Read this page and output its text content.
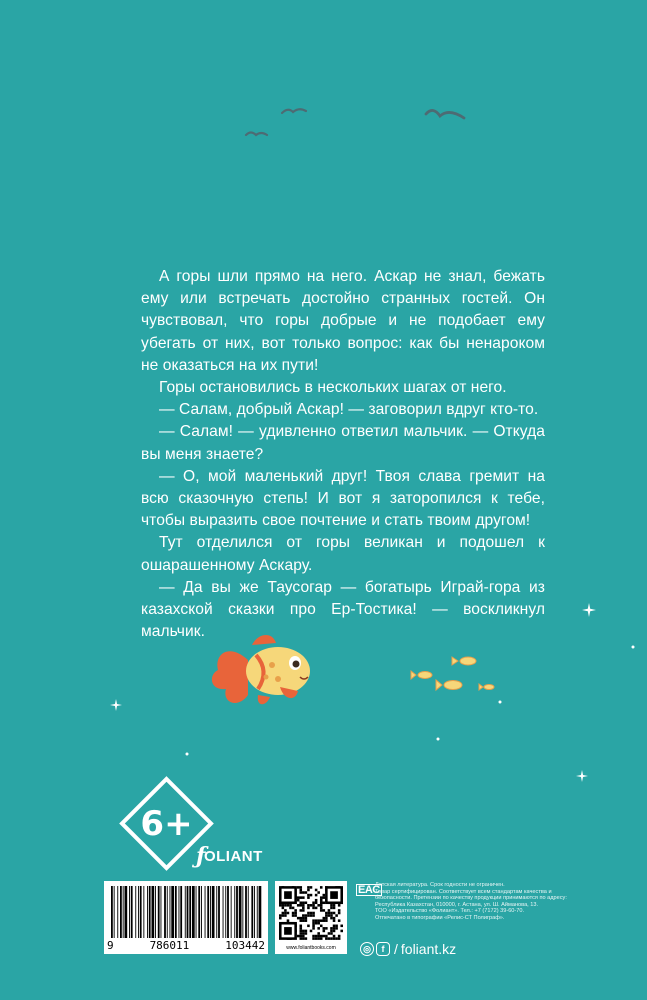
А горы шли прямо на него. Аскар не знал, бежать ему или встречать достойно странных гостей. Он чувствовал, что горы добрые и не подобает ему убегать от них, вот только вопрос: как бы ненароком не оказаться на их пути!

Горы остановились в нескольких шагах от него.

— Салам, добрый Аскар! — заговорил вдруг кто-то.

— Салам! — удивленно ответил мальчик. — Откуда вы меня знаете?

— О, мой маленький друг! Твоя слава гремит на всю сказочную степь! И вот я заторопился к тебе, чтобы выразить свое почтение и стать твоим другом!

Тут отделился от горы великан и подошел к ошарашенному Аскару.

— Да вы же Таусогар — богатырь Играй-гора из казахской сказки про Ер-Тостика! — воскликнул мальчик.

6+
ƒ
OLIANT
9	786011	103442	www.foliantbooks.com
EAC

Детская литература. Срок годности не ограничен.

Товар сертифицирован. Соответствует всем стандартам качества и безопасности. Претензии по качеству продукции принимаются по адресу: Республика Казахстан, 010000, г. Астана, ул. Ш. Айманова, 13.

ТОО «Издательство «Фолиант». Тел.: +7 (7172) 39-60-70.

Отпечатано в типографии «Релис-СТ Полиграф».

◎	f / foliant.kz
